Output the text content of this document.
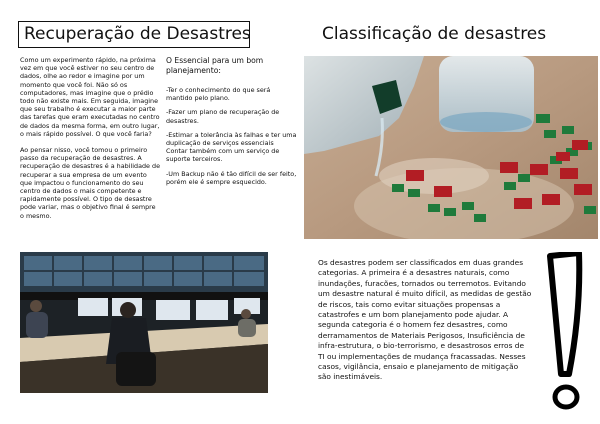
Recuperação de Desastres	Classificação de desastres

Como um experimento rápido, na próxima vez em que você estiver no seu centro de dados, olhe ao redor e imagine por um momento que você foi. Não só os computadores, mas imagine que o prédio todo não existe mais. Em seguida, imagine que seu trabalho é executar a maior parte das tarefas que eram executadas no centro de dados da mesma forma, em outro lugar, o mais rápido possível. O que você faria?

Ao pensar nisso, você tomou o primeiro passo da recuperação de desastres. A recuperação de desastres é a habilidade de recuperar a sua empresa de um evento que impactou o funcionamento do seu centro de dados o mais competente e rapidamente possível. O tipo de desastre pode variar, mas o objetivo final é sempre o mesmo.

O Essencial para um bom planejamento:

-Ter o conhecimento do que será mantido pelo plano.

-Fazer um plano de recuperação de desastres.

-Estimar a tolerância às falhas e ter uma duplicação de serviços essenciais

Contar também com um serviço de suporte terceiros.

-Um Backup não é tão difícil de ser feito, porém ele é sempre esquecido.

Os desastres podem ser classificados em duas grandes categorias. A primeira é a desastres naturais, como inundações, furacões, tornados ou terremotos. Evitando um desastre natural é muito difícil, as medidas de gestão de riscos, tais como evitar situações propensas a catastrofes e um bom planejamento pode ajudar. A segunda categoria é o homem fez desastres, como derramamentos de Materiais Perigosos, Insuficiência de infra-estrutura, o bio-terrorismo, e desastrosos erros de TI ou implementações de mudança fracassadas. Nesses casos, vigilância, ensaio e planejamento de mitigação são inestimáveis.
